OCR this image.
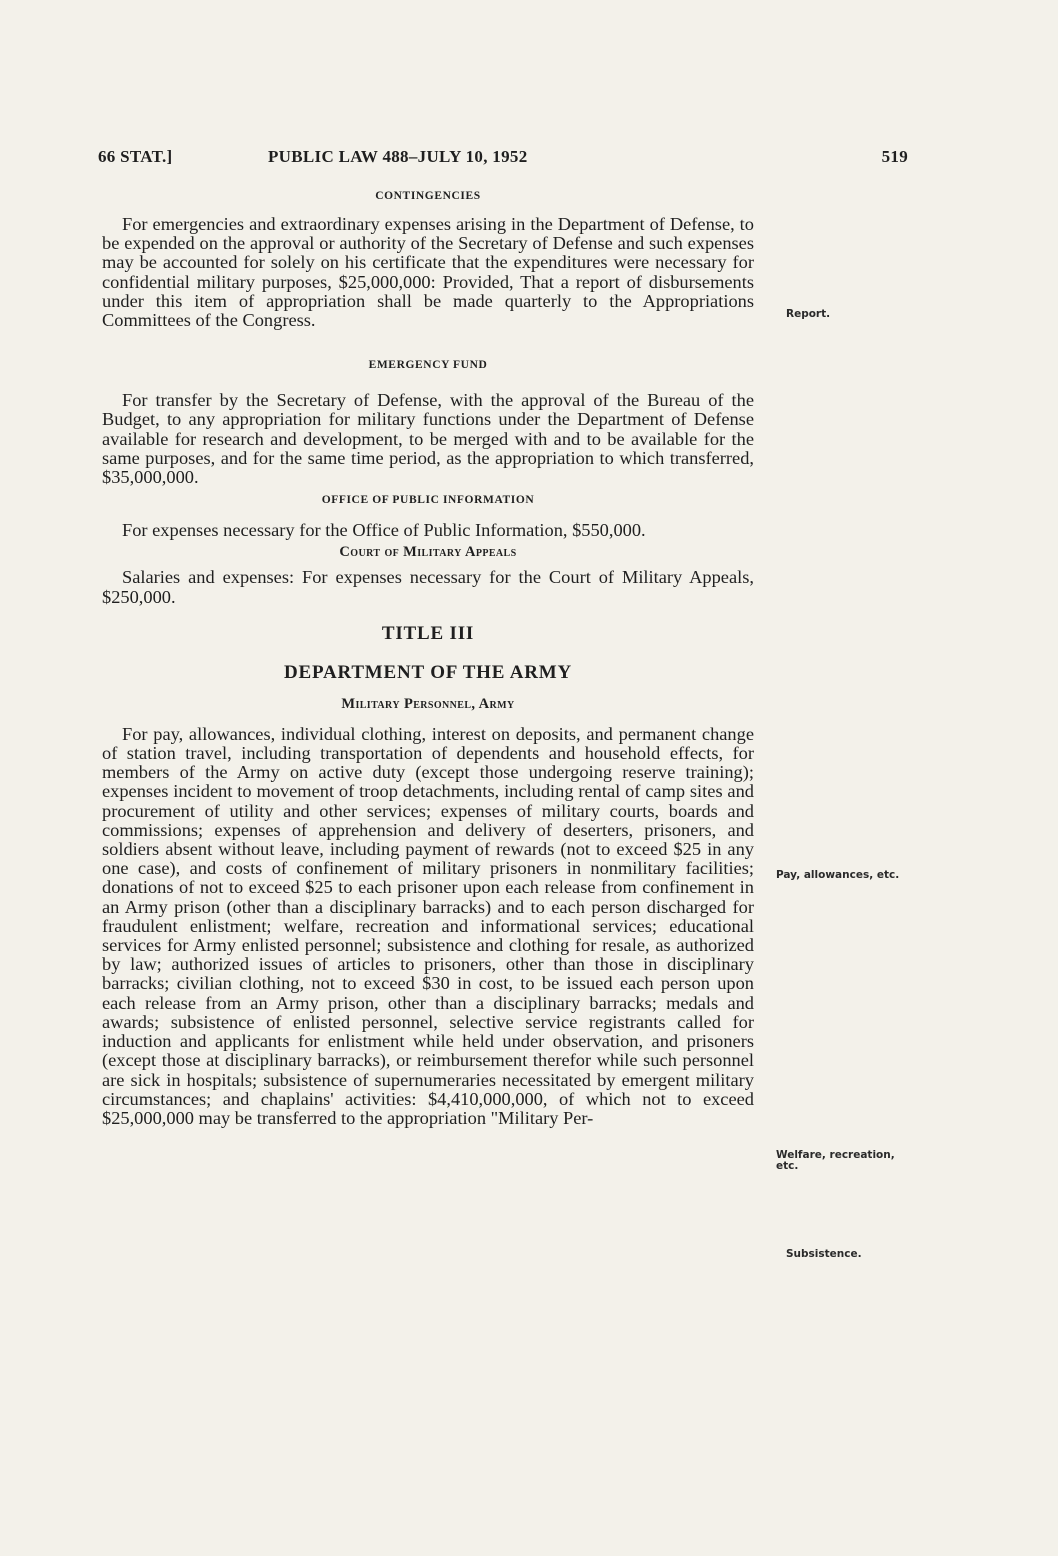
66 STAT.]	PUBLIC LAW 488–JULY 10, 1952	519
CONTINGENCIES

For emergencies and extraordinary expenses arising in the Department of Defense, to be expended on the approval or authority of the Secretary of Defense and such expenses may be accounted for solely on his certificate that the expenditures were necessary for confidential military purposes, $25,000,000: Provided, That a report of disbursements under this item of appropriation shall be made quarterly to the Appropriations Committees of the Congress.

EMERGENCY FUND

For transfer by the Secretary of Defense, with the approval of the Bureau of the Budget, to any appropriation for military functions under the Department of Defense available for research and development, to be merged with and to be available for the same purposes, and for the same time period, as the appropriation to which transferred, $35,000,000.

OFFICE OF PUBLIC INFORMATION

For expenses necessary for the Office of Public Information, $550,000.

Court of Military Appeals

Salaries and expenses: For expenses necessary for the Court of Military Appeals, $250,000.

TITLE III
DEPARTMENT OF THE ARMY
Military Personnel, Army

For pay, allowances, individual clothing, interest on deposits, and permanent change of station travel, including transportation of dependents and household effects, for members of the Army on active duty (except those undergoing reserve training); expenses incident to movement of troop detachments, including rental of camp sites and procurement of utility and other services; expenses of military courts, boards and commissions; expenses of apprehension and delivery of deserters, prisoners, and soldiers absent without leave, including payment of rewards (not to exceed $25 in any one case), and costs of confinement of military prisoners in nonmilitary facilities; donations of not to exceed $25 to each prisoner upon each release from confinement in an Army prison (other than a disciplinary barracks) and to each person discharged for fraudulent enlistment; welfare, recreation and informational services; educational services for Army enlisted personnel; subsistence and clothing for resale, as authorized by law; authorized issues of articles to prisoners, other than those in disciplinary barracks; civilian clothing, not to exceed $30 in cost, to be issued each person upon each release from an Army prison, other than a disciplinary barracks; medals and awards; subsistence of enlisted personnel, selective service registrants called for induction and applicants for enlistment while held under observation, and prisoners (except those at disciplinary barracks), or reimbursement therefor while such personnel are sick in hospitals; subsistence of supernumeraries necessitated by emergent military circumstances; and chaplains' activities: $4,410,000,000, of which not to exceed $25,000,000 may be transferred to the appropriation "Military Per-

Report.
Pay, allowances, etc.
Welfare, recreation, etc.
Subsistence.
